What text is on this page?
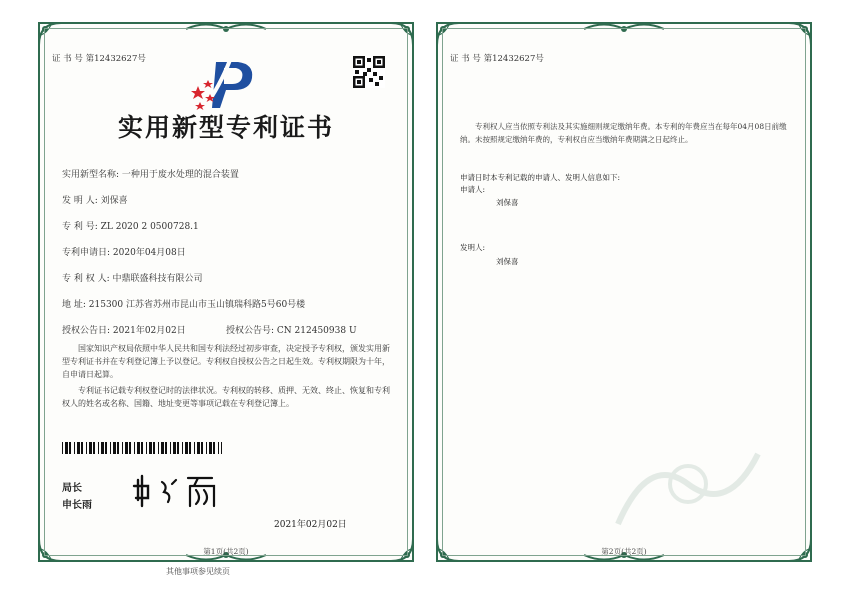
证 书 号 第12432627号
实用新型专利证书
实用新型名称: 一种用于废水处理的混合装置
发 明 人: 刘保喜
专 利 号: ZL 2020 2 0500728.1
专利申请日: 2020年04月08日
专 利 权 人: 中鼎联盛科技有限公司
地 址: 215300 江苏省苏州市昆山市玉山镇瑞科路5号60号楼
授权公告日: 2021年02月02日	授权公告号: CN 212450938 U
国家知识产权局依照中华人民共和国专利法经过初步审查，决定授予专利权，颁发实用新型专利证书并在专利登记簿上予以登记。专利权自授权公告之日起生效。专利权期限为十年，自申请日起算。
专利证书记载专利权登记时的法律状况。专利权的转移、质押、无效、终止、恢复和专利权人的姓名或名称、国籍、地址变更等事项记载在专利登记簿上。
局长
申长雨
2021年02月02日
第1页(共2页)
其他事项参见续页
证 书 号 第12432627号
专利权人应当依照专利法及其实施细则规定缴纳年费。本专利的年费应当在每年04月08日前缴纳。未按照规定缴纳年费的，专利权自应当缴纳年费期满之日起终止。
申请日时本专利记载的申请人、发明人信息如下:
申请人:
刘保喜
发明人:
刘保喜
第2页(共2页)
